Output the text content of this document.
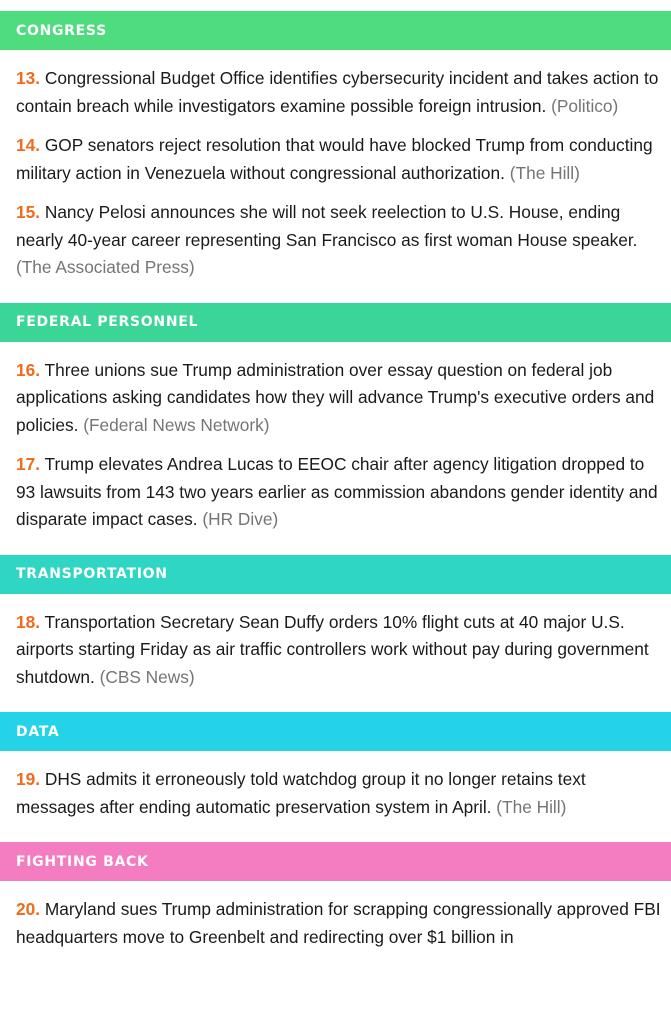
CONGRESS

13. Congressional Budget Office identifies cybersecurity incident and takes action to contain breach while investigators examine possible foreign intrusion. (Politico)

14. GOP senators reject resolution that would have blocked Trump from conducting military action in Venezuela without congressional authorization. (The Hill)

15. Nancy Pelosi announces she will not seek reelection to U.S. House, ending nearly 40-year career representing San Francisco as first woman House speaker. (The Associated Press)

FEDERAL PERSONNEL

16. Three unions sue Trump administration over essay question on federal job applications asking candidates how they will advance Trump's executive orders and policies. (Federal News Network)

17. Trump elevates Andrea Lucas to EEOC chair after agency litigation dropped to 93 lawsuits from 143 two years earlier as commission abandons gender identity and disparate impact cases. (HR Dive)

TRANSPORTATION

18. Transportation Secretary Sean Duffy orders 10% flight cuts at 40 major U.S. airports starting Friday as air traffic controllers work without pay during government shutdown. (CBS News)

DATA

19. DHS admits it erroneously told watchdog group it no longer retains text messages after ending automatic preservation system in April. (The Hill)

FIGHTING BACK

20. Maryland sues Trump administration for scrapping congressionally approved FBI headquarters move to Greenbelt and redirecting over $1 billion in
